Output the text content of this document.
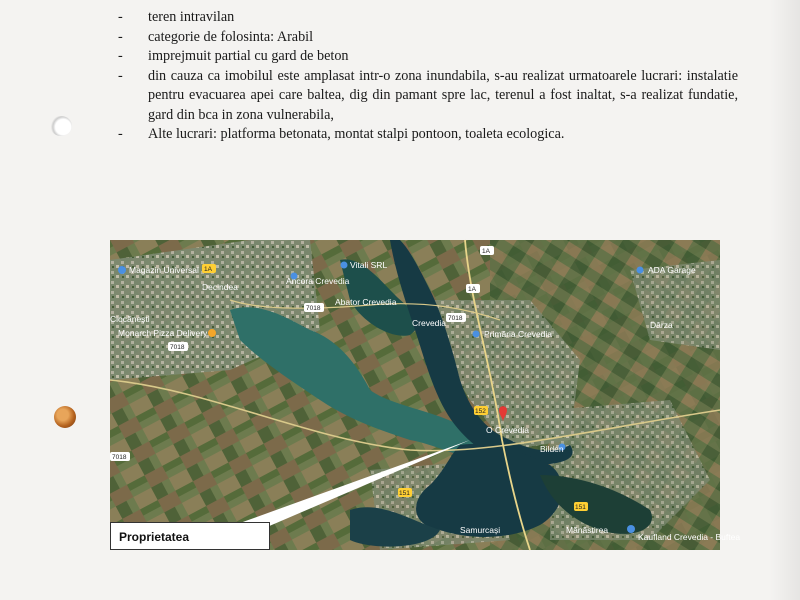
-	teren intravilan
-	categorie de folosinta: Arabil
-	imprejmuit partial cu gard de beton
-	din cauza ca imobilul este amplasat intr-o zona inundabila, s-au realizat urmatoarele lucrari: instalatie pentru evacuarea apei care baltea, dig din pamant spre lac, terenul a fost inaltat, s-a realizat fundatie, gard din bca in zona vulnerabila,
-	Alte lucrari: platforma betonata, montat stalpi pontoon, toaleta ecologica.
7018
7018
7018
7018
1A
1A
1A
151
152
151
Magazin Universal
Decindea
Ciocănești
Monarch Pizza Delivery
Ancora Crevedia
Vitali SRL
Abator Crevedia
Crevedia
Primăria Crevedia
ADA Garage
Dârza
O Crevedia
Bilden
Samurcași	Mănăstirea
Kaufland Crevedia - Buftea
Proprietatea
